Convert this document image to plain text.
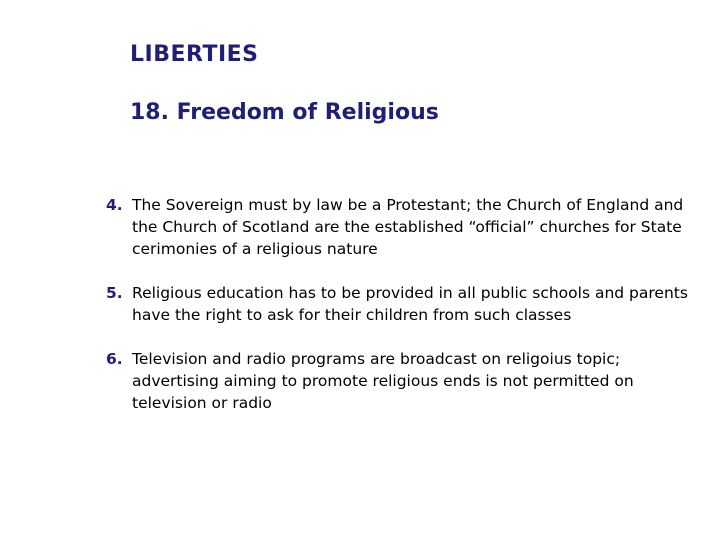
LIBERTIES
18. Freedom of Religious
4. The Sovereign must by law be a Protestant; the Church of England and the Church of Scotland are the established “official” churches for State cerimonies of a religious nature
5. Religious education has to be provided in all public schools and parents have the right to ask for their children from such classes
6. Television and radio programs are broadcast on religoius topic; advertising aiming to promote religious ends is not permitted on television or radio
